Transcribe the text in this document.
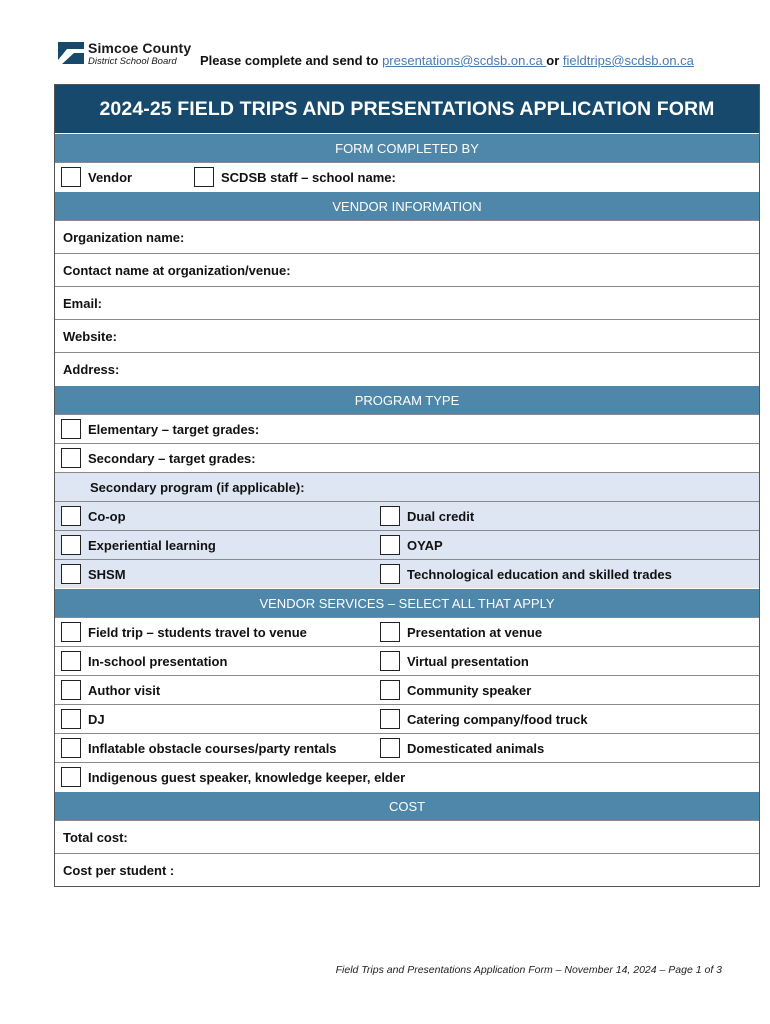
Simcoe County
District School Board Please complete and send to presentations@scdsb.on.ca or fieldtrips@scdsb.on.ca
2024-25 FIELD TRIPS AND PRESENTATIONS APPLICATION FORM
FORM COMPLETED BY
Vendor	SCDSB staff – school name:
VENDOR INFORMATION
Organization name:
Contact name at organization/venue:
Email:
Website:
Address:
PROGRAM TYPE
Elementary – target grades:
Secondary – target grades:
Secondary program (if applicable):
Co-op	Dual credit
Experiential learning	OYAP
SHSM	Technological education and skilled trades
VENDOR SERVICES – SELECT ALL THAT APPLY
Field trip – students travel to venue	Presentation at venue
In-school presentation	Virtual presentation
Author visit	Community speaker
DJ	Catering company/food truck
Inflatable obstacle courses/party rentals	Domesticated animals
Indigenous guest speaker, knowledge keeper, elder
COST
Total cost:
Cost per student :
Field Trips and Presentations Application Form – November 14, 2024 – Page 1 of 3
